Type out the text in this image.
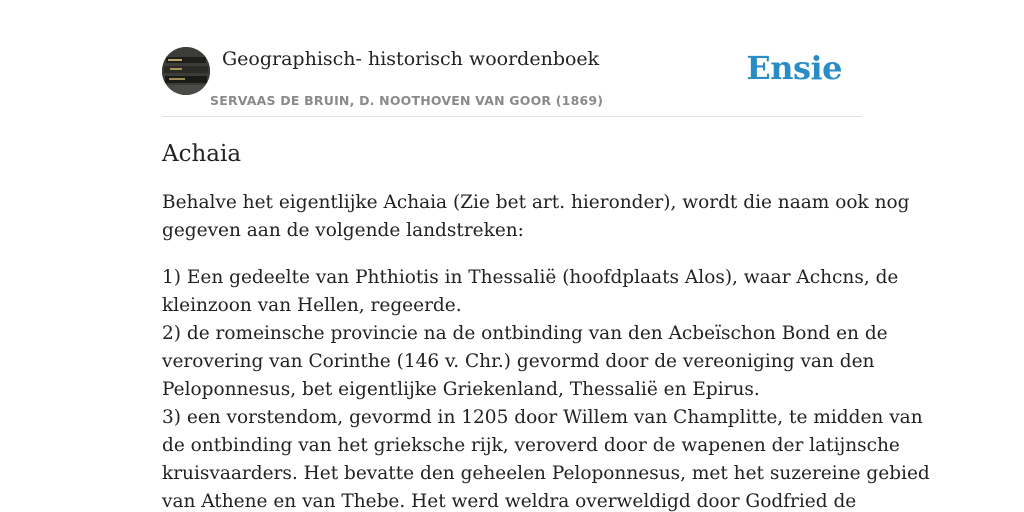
Geographisch- historisch woordenboek
SERVAAS DE BRUIN, D. NOOTHOVEN VAN GOOR (1869)
Ensie
Achaia

Behalve het eigentlijke Achaia (Zie bet art. hieronder), wordt die naam ook nog
gegeven aan de volgende landstreken:

1) Een gedeelte van Phthiotis in Thessalië (hoofdplaats Alos), waar Achcns, de
kleinzoon van Hellen, regeerde.
2) de romeinsche provincie na de ontbinding van den Acbeïschon Bond en de
verovering van Corinthe (146 v. Chr.) gevormd door de vereoniging van den
Peloponnesus, bet eigentlijke Griekenland, Thessalië en Epirus.
3) een vorstendom, gevormd in 1205 door Willem van Champlitte, te midden van
de ontbinding van het grieksche rijk, veroverd door de wapenen der latijnsche
kruisvaarders. Het bevatte den geheelen Peloponnesus, met het suzereine gebied
van Athene en van Thebe. Het werd weldra overweldigd door Godfried de
